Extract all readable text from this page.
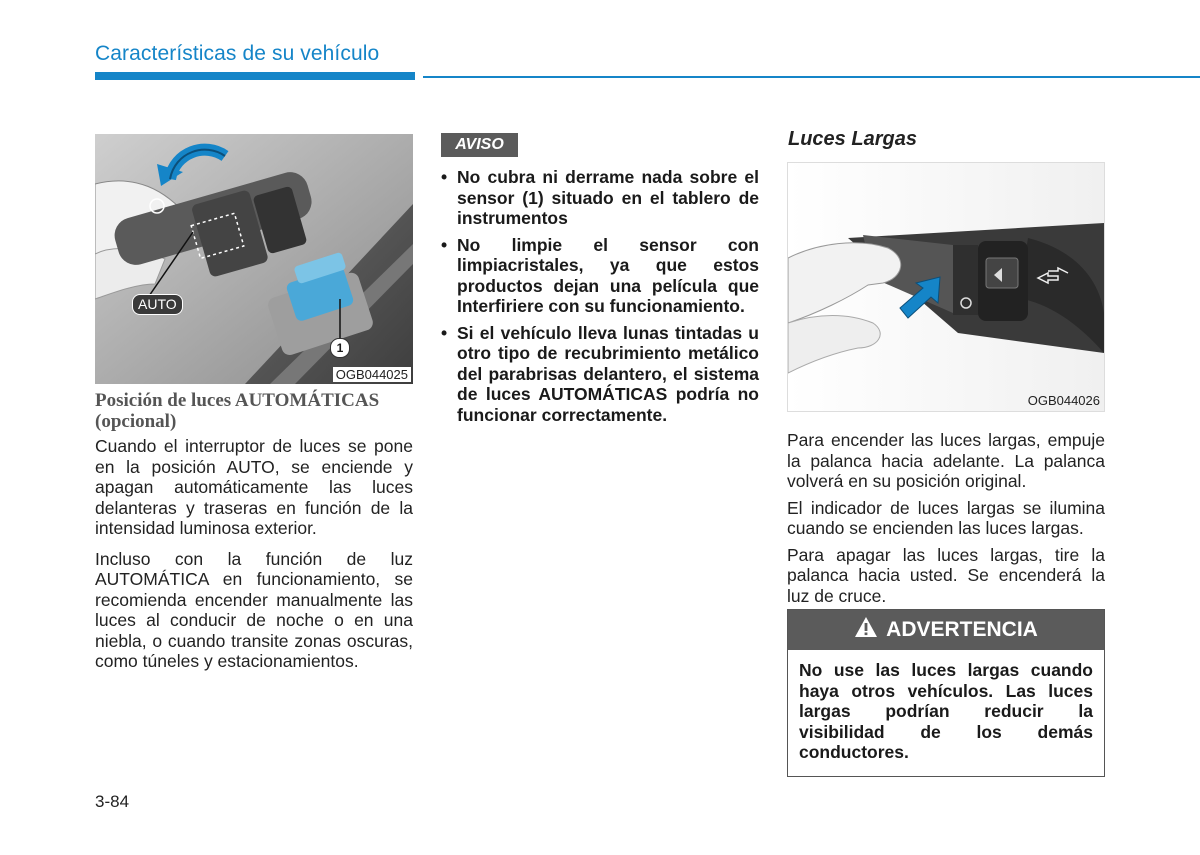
Características de su vehículo
AUTO
1
OGB044025
Posición de luces AUTOMÁTICAS (opcional)

Cuando el interruptor de luces se pone en la posición AUTO, se enciende y apagan automáticamente las luces delanteras y traseras en función de la intensidad luminosa exterior.

Incluso con la función de luz AUTOMÁTICA en funcionamiento, se recomienda encender manualmente las luces al conducir de noche o en una niebla, o cuando transite zonas oscuras, como túneles y estacionamientos.

AVISO
• No cubra ni derrame nada sobre el sensor (1) situado en el tablero de instrumentos
• No limpie el sensor con limpiacristales, ya que estos productos dejan una película que Interfiriere con su funcionamiento.
• Si el vehículo lleva lunas tintadas u otro tipo de recubrimiento metálico del parabrisas delantero, el sistema de luces AUTOMÁTICAS podría no funcionar correctamente.
Luces Largas
OGB044026

Para encender las luces largas, empuje la palanca hacia adelante. La palanca volverá en su posición original.

El indicador de luces largas se ilumina cuando se encienden las luces largas.

Para apagar las luces largas, tire la palanca hacia usted. Se encenderá la luz de cruce.

ADVERTENCIA
No use las luces largas cuando haya otros vehículos. Las luces largas podrían reducir la visibilidad de los demás conductores.
3-84
